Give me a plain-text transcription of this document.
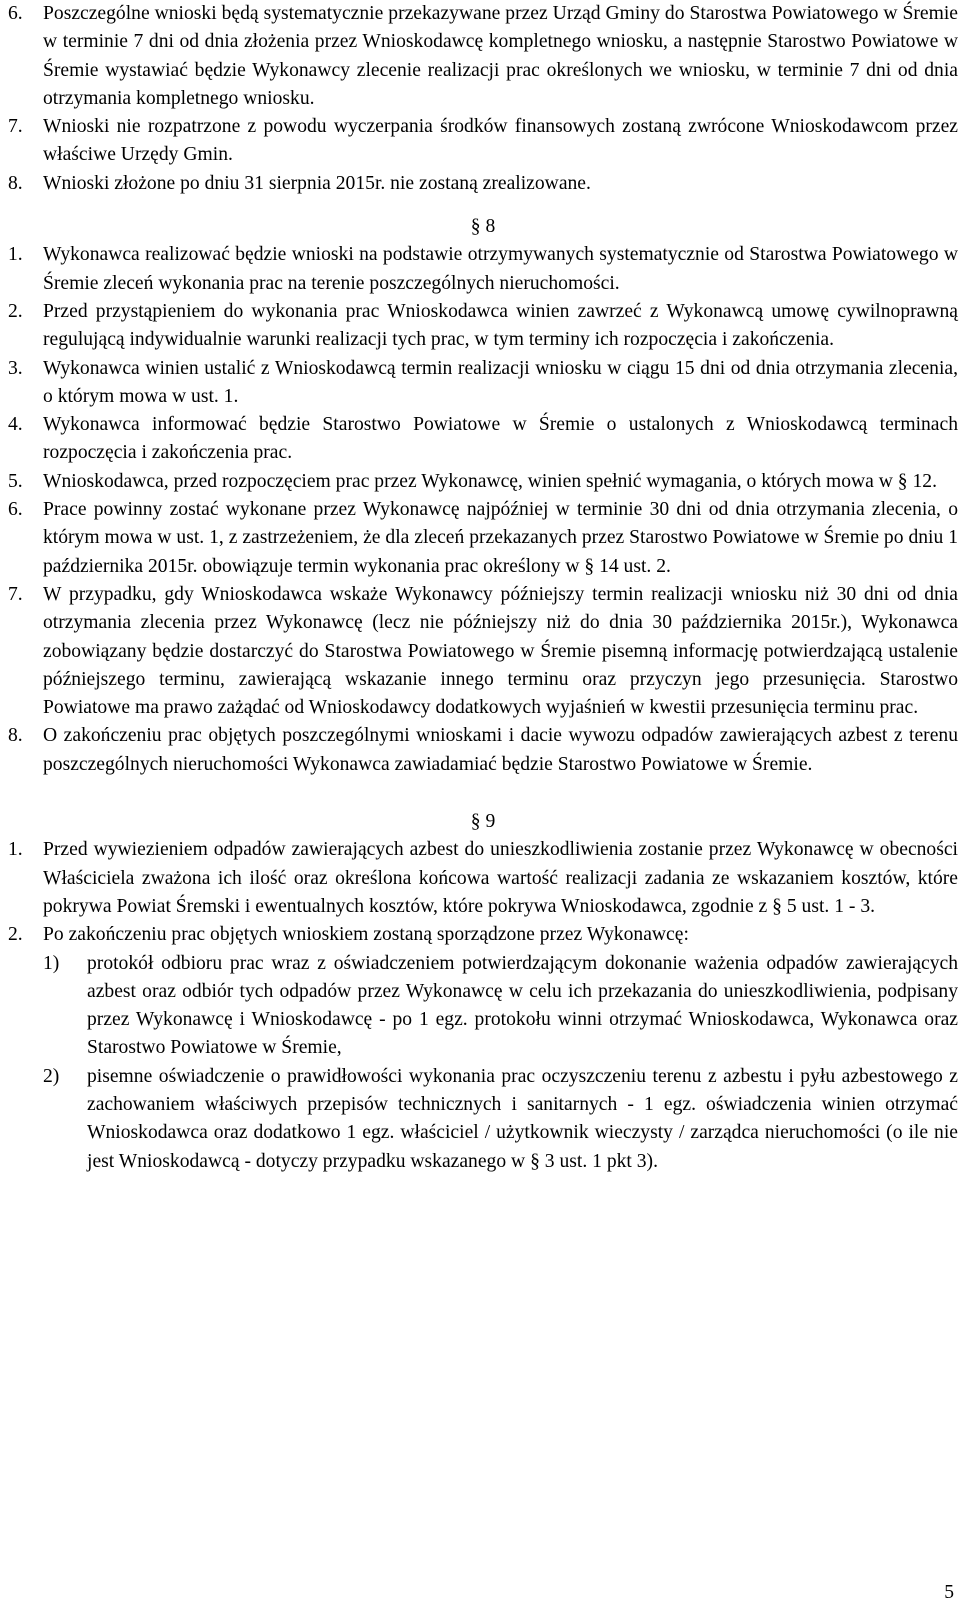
6. Poszczególne wnioski będą systematycznie przekazywane przez Urząd Gminy do Starostwa Powiatowego w Śremie w terminie 7 dni od dnia złożenia przez Wnioskodawcę kompletnego wniosku, a następnie Starostwo Powiatowe w Śremie wystawiać będzie Wykonawcy zlecenie realizacji prac określonych we wniosku, w terminie 7 dni od dnia otrzymania kompletnego wniosku.
7. Wnioski nie rozpatrzone z powodu wyczerpania środków finansowych zostaną zwrócone Wnioskodawcom przez właściwe Urzędy Gmin.
8. Wnioski złożone po dniu 31 sierpnia 2015r. nie zostaną zrealizowane.
§ 8
1. Wykonawca realizować będzie wnioski na podstawie otrzymywanych systematycznie od Starostwa Powiatowego w Śremie zleceń wykonania prac na terenie poszczególnych nieruchomości.
2. Przed przystąpieniem do wykonania prac Wnioskodawca winien zawrzeć z Wykonawcą umowę cywilnoprawną regulującą indywidualnie warunki realizacji tych prac, w tym terminy ich rozpoczęcia i zakończenia.
3. Wykonawca winien ustalić z Wnioskodawcą termin realizacji wniosku w ciągu 15 dni od dnia otrzymania zlecenia, o którym mowa w ust. 1.
4. Wykonawca informować będzie Starostwo Powiatowe w Śremie o ustalonych z Wnioskodawcą terminach rozpoczęcia i zakończenia prac.
5. Wnioskodawca, przed rozpoczęciem prac przez Wykonawcę, winien spełnić wymagania, o których mowa w § 12.
6. Prace powinny zostać wykonane przez Wykonawcę najpóźniej w terminie 30 dni od dnia otrzymania zlecenia, o którym mowa w ust. 1, z zastrzeżeniem, że dla zleceń przekazanych przez Starostwo Powiatowe w Śremie po dniu 1 października 2015r. obowiązuje termin wykonania prac określony w § 14 ust. 2.
7. W przypadku, gdy Wnioskodawca wskaże Wykonawcy późniejszy termin realizacji wniosku niż 30 dni od dnia otrzymania zlecenia przez Wykonawcę (lecz nie późniejszy niż do dnia 30 października 2015r.), Wykonawca zobowiązany będzie dostarczyć do Starostwa Powiatowego w Śremie pisemną informację potwierdzającą ustalenie późniejszego terminu, zawierającą wskazanie innego terminu oraz przyczyn jego przesunięcia. Starostwo Powiatowe ma prawo zażądać od Wnioskodawcy dodatkowych wyjaśnień w kwestii przesunięcia terminu prac.
8. O zakończeniu prac objętych poszczególnymi wnioskami i dacie wywozu odpadów zawierających azbest z terenu poszczególnych nieruchomości Wykonawca zawiadamiać będzie Starostwo Powiatowe w Śremie.
§ 9
1. Przed wywiezieniem odpadów zawierających azbest do unieszkodliwienia zostanie przez Wykonawcę w obecności Właściciela zważona ich ilość oraz określona końcowa wartość realizacji zadania ze wskazaniem kosztów, które pokrywa Powiat Śremski i ewentualnych kosztów, które pokrywa Wnioskodawca, zgodnie z § 5 ust. 1 - 3.
2. Po zakończeniu prac objętych wnioskiem zostaną sporządzone przez Wykonawcę:
1) protokół odbioru prac wraz z oświadczeniem potwierdzającym dokonanie ważenia odpadów zawierających azbest oraz odbiór tych odpadów przez Wykonawcę w celu ich przekazania do unieszkodliwienia, podpisany przez Wykonawcę i Wnioskodawcę - po 1 egz. protokołu winni otrzymać Wnioskodawca, Wykonawca oraz Starostwo Powiatowe w Śremie,
2) pisemne oświadczenie o prawidłowości wykonania prac oczyszczeniu terenu z azbestu i pyłu azbestowego z zachowaniem właściwych przepisów technicznych i sanitarnych - 1 egz. oświadczenia winien otrzymać Wnioskodawca oraz dodatkowo 1 egz. właściciel / użytkownik wieczysty / zarządca nieruchomości (o ile nie jest Wnioskodawcą - dotyczy przypadku wskazanego w § 3 ust. 1 pkt 3).
5
